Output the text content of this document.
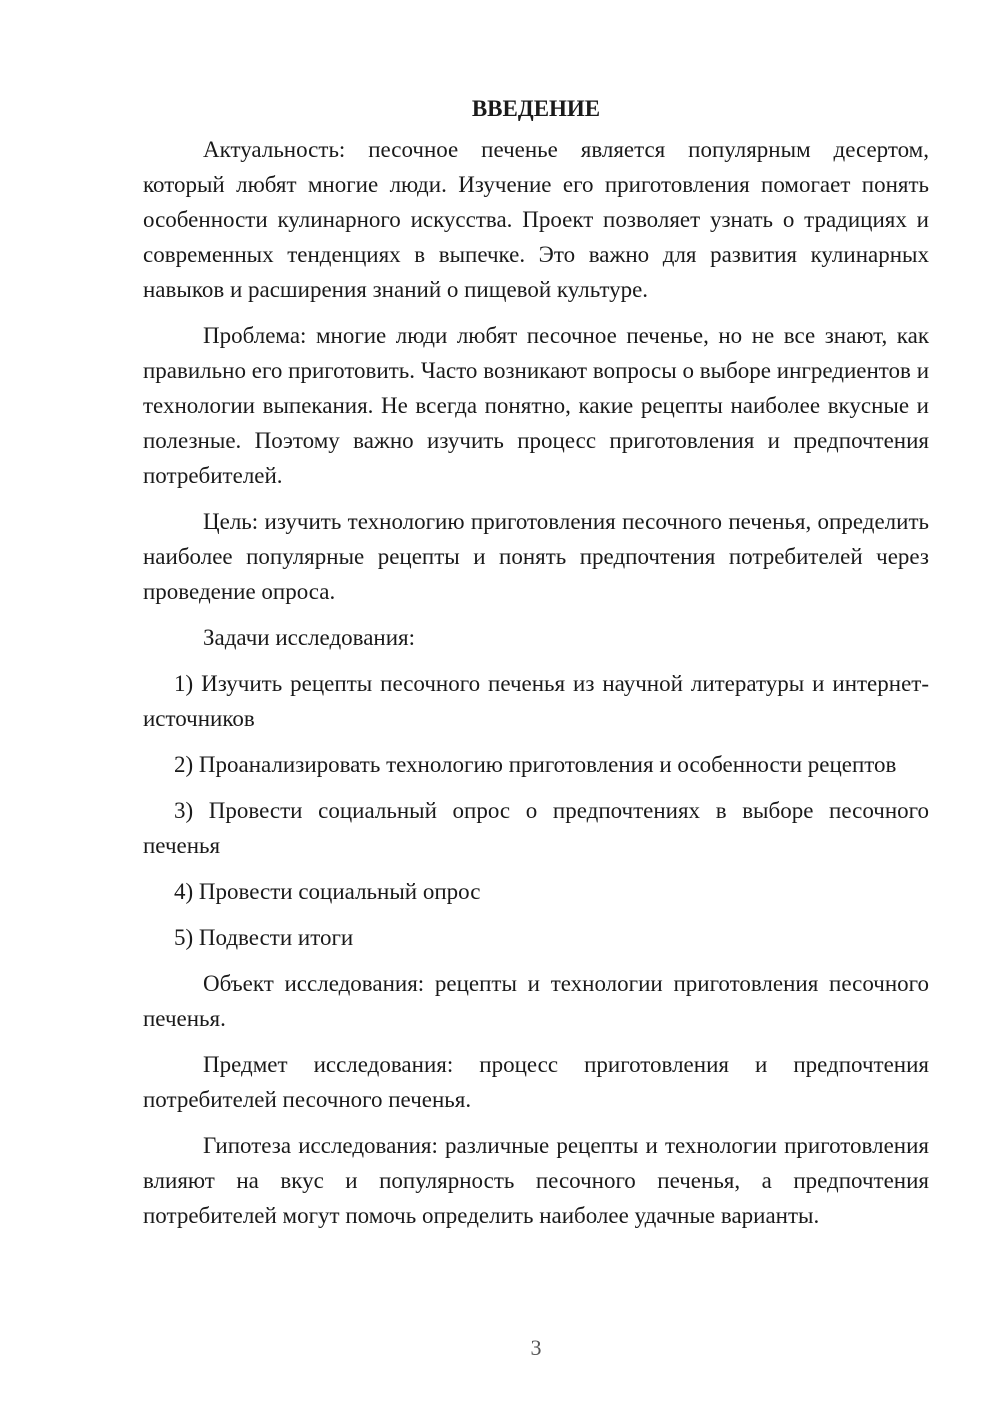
ВВЕДЕНИЕ

Актуальность: песочное печенье является популярным десертом, который любят многие люди. Изучение его приготовления помогает понять особенности кулинарного искусства. Проект позволяет узнать о традициях и современных тенденциях в выпечке. Это важно для развития кулинарных навыков и расширения знаний о пищевой культуре.

Проблема: многие люди любят песочное печенье, но не все знают, как правильно его приготовить. Часто возникают вопросы о выборе ингредиентов и технологии выпекания. Не всегда понятно, какие рецепты наиболее вкусные и полезные. Поэтому важно изучить процесс приготовления и предпочтения потребителей.

Цель: изучить технологию приготовления песочного печенья, определить наиболее популярные рецепты и понять предпочтения потребителей через проведение опроса.

Задачи исследования:

1) Изучить рецепты песочного печенья из научной литературы и интернет-источников

2) Проанализировать технологию приготовления и особенности рецептов

3) Провести социальный опрос о предпочтениях в выборе песочного печенья

4) Провести социальный опрос

5) Подвести итоги

Объект исследования: рецепты и технологии приготовления песочного печенья.

Предмет исследования: процесс приготовления и предпочтения потребителей песочного печенья.

Гипотеза исследования: различные рецепты и технологии приготовления влияют на вкус и популярность песочного печенья, а предпочтения потребителей могут помочь определить наиболее удачные варианты.

3
